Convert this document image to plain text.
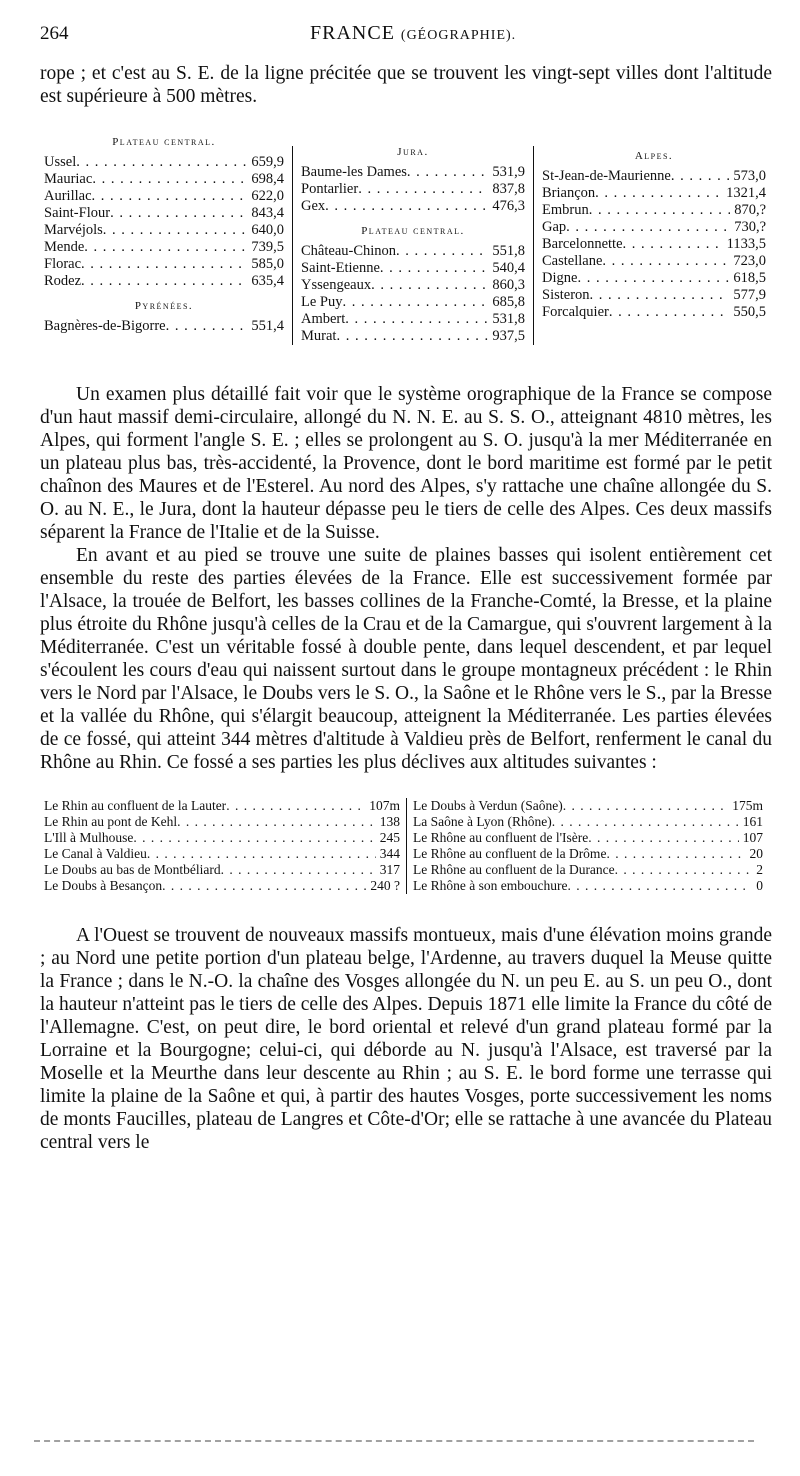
264	FRANCE (GÉOGRAPHIE).

rope ; et c'est au S. E. de la ligne précitée que se trouvent les vingt-sept villes dont l'altitude est supérieure à 500 mètres.

Plateau central.
Ussel . . .	659,9
Mauriac . . .	698,4
Aurillac . . .	622,0
Saint-Flour . . .	843,4
Marvéjols . . .	640,0
Mende . . .	739,5
Florac . . .	585,0
Rodez . . .	635,4
Pyrénées.
Bagnères-de-Bigorre . . .	551,4
Jura.
Baume-les Dames . . .	531,9
Pontarlier . . .	837,8
Gex . . .	476,3
Plateau central.
Château-Chinon . . .	551,8
Saint-Etienne . . .	540,4
Yssengeaux . . .	860,3
Le Puy . . .	685,8
Ambert . . .	531,8
Murat . . .	937,5
Alpes.
St-Jean-de-Maurienne . . .	573,0
Briançon . . .	1321,4
Embrun . . .	870,?
Gap . . .	730,?
Barcelonnette . . .	1133,5
Castellane . . .	723,0
Digne . . .	618,5
Sisteron . . .	577,9
Forcalquier . . .	550,5

Un examen plus détaillé fait voir que le système orographique de la France se compose d'un haut massif demi-circulaire, allongé du N. N. E. au S. S. O., atteignant 4810 mètres, les Alpes, qui forment l'angle S. E. ; elles se prolongent au S. O. jusqu'à la mer Méditerranée en un plateau plus bas, très-accidenté, la Provence, dont le bord maritime est formé par le petit chaînon des Maures et de l'Esterel. Au nord des Alpes, s'y rattache une chaîne allongée du S. O. au N. E., le Jura, dont la hauteur dépasse peu le tiers de celle des Alpes. Ces deux massifs séparent la France de l'Italie et de la Suisse.

En avant et au pied se trouve une suite de plaines basses qui isolent entièrement cet ensemble du reste des parties élevées de la France. Elle est successivement formée par l'Alsace, la trouée de Belfort, les basses collines de la Franche-Comté, la Bresse, et la plaine plus étroite du Rhône jusqu'à celles de la Crau et de la Camargue, qui s'ouvrent largement à la Méditerranée. C'est un véritable fossé à double pente, dans lequel descendent, et par lequel s'écoulent les cours d'eau qui naissent surtout dans le groupe montagneux précédent : le Rhin vers le Nord par l'Alsace, le Doubs vers le S. O., la Saône et le Rhône vers le S., par la Bresse et la vallée du Rhône, qui s'élargit beaucoup, atteignent la Méditerranée. Les parties élevées de ce fossé, qui atteint 344 mètres d'altitude à Valdieu près de Belfort, renferment le canal du Rhône au Rhin. Ce fossé a ses parties les plus déclives aux altitudes suivantes :

Le Rhin au confluent de la Lauter . . .	107m
Le Rhin au pont de Kehl . . .	138
L'Ill à Mulhouse . . .	245
Le Canal à Valdieu . . .	344
Le Doubs au bas de Montbéliard . . .	317
Le Doubs à Besançon . . .	240 ?
Le Doubs à Verdun (Saône) . . .	175m
La Saône à Lyon (Rhône) . . .	161
Le Rhône au confluent de l'Isère . . .	107
Le Rhône au confluent de la Drôme . . .	20
Le Rhône au confluent de la Durance . . .	2
Le Rhône à son embouchure . . .	0

A l'Ouest se trouvent de nouveaux massifs montueux, mais d'une élévation moins grande ; au Nord une petite portion d'un plateau belge, l'Ardenne, au travers duquel la Meuse quitte la France ; dans le N.-O. la chaîne des Vosges allongée du N. un peu E. au S. un peu O., dont la hauteur n'atteint pas le tiers de celle des Alpes. Depuis 1871 elle limite la France du côté de l'Allemagne. C'est, on peut dire, le bord oriental et relevé d'un grand plateau formé par la Lorraine et la Bourgogne; celui-ci, qui déborde au N. jusqu'à l'Alsace, est traversé par la Moselle et la Meurthe dans leur descente au Rhin ; au S. E. le bord forme une terrasse qui limite la plaine de la Saône et qui, à partir des hautes Vosges, porte successivement les noms de monts Faucilles, plateau de Langres et Côte-d'Or; elle se rattache à une avancée du Plateau central vers le
